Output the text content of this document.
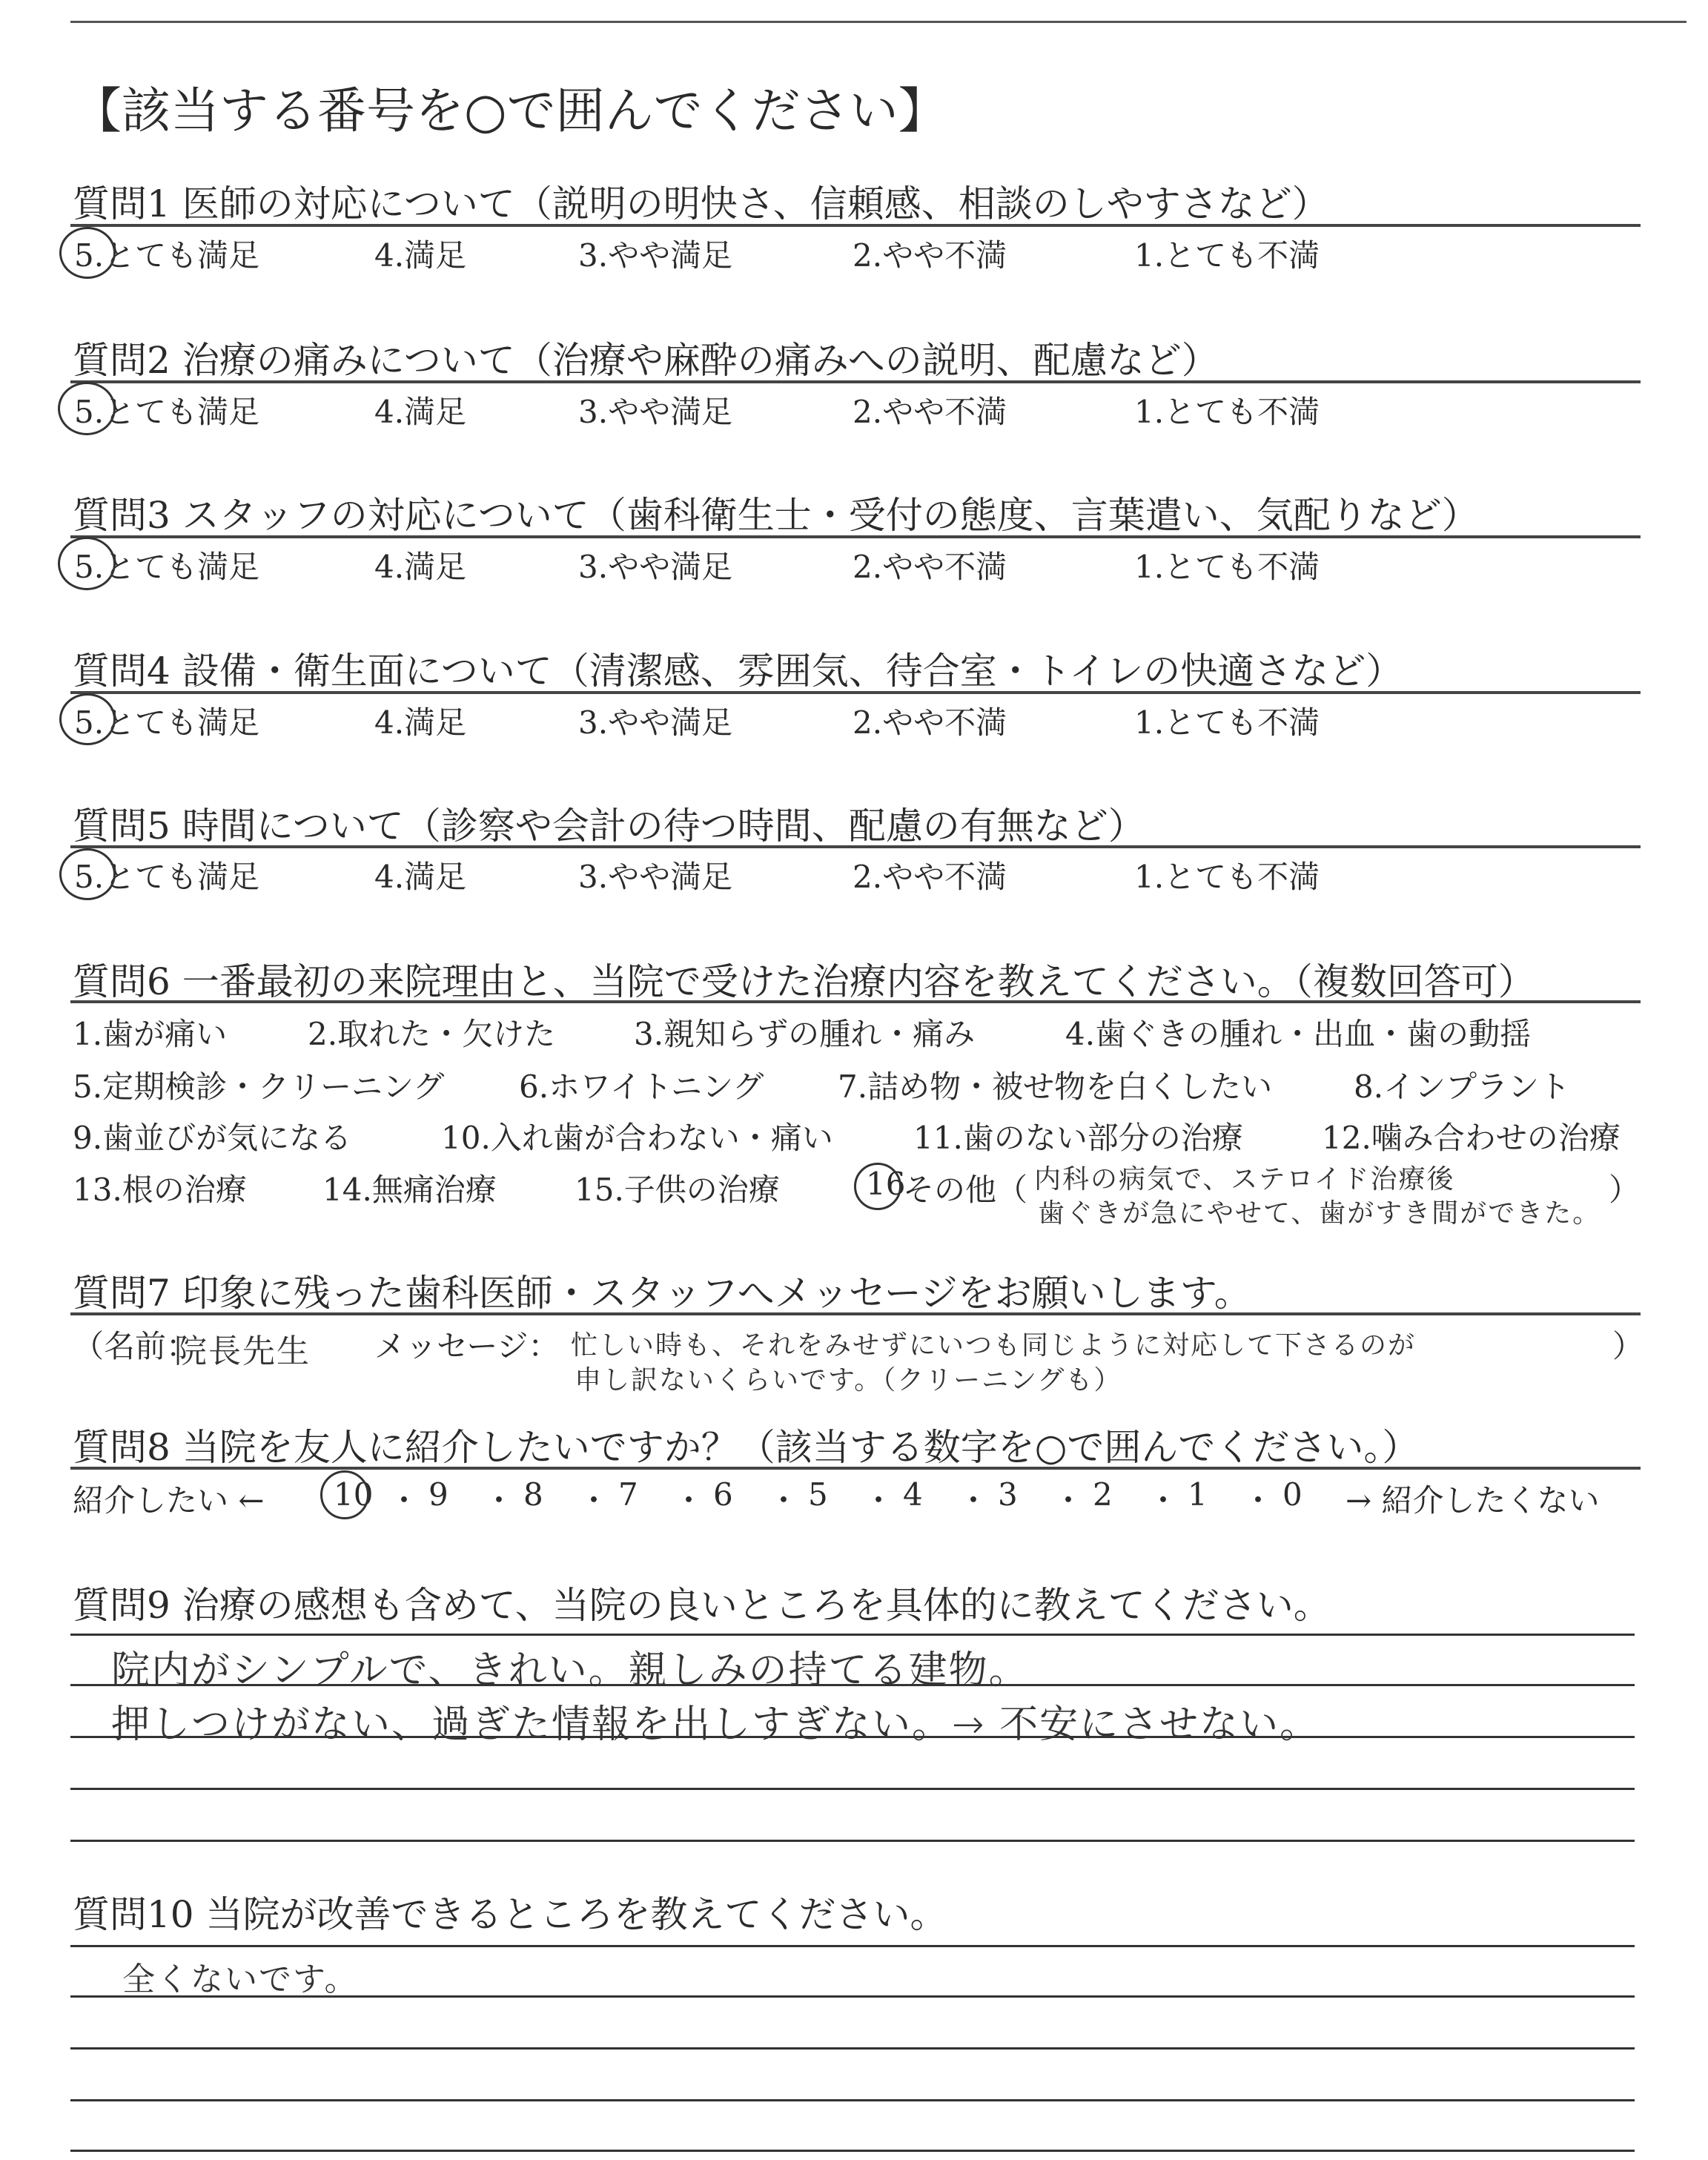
【該当する番号を○で囲んでください】
質問1 医師の対応について（説明の明快さ、信頼感、相談のしやすさなど）
5.とても満足	4.満足	3.やや満足	2.やや不満	1.とても不満
質問2 治療の痛みについて（治療や麻酔の痛みへの説明、配慮など）
5.とても満足	4.満足	3.やや満足	2.やや不満	1.とても不満
質問3 スタッフの対応について（歯科衛生士・受付の態度、言葉遣い、気配りなど）
5.とても満足	4.満足	3.やや満足	2.やや不満	1.とても不満
質問4 設備・衛生面について（清潔感、雰囲気、待合室・トイレの快適さなど）
5.とても満足	4.満足	3.やや満足	2.やや不満	1.とても不満
質問5 時間について（診察や会計の待つ時間、配慮の有無など）
5.とても満足	4.満足	3.やや満足	2.やや不満	1.とても不満
質問6 一番最初の来院理由と、当院で受けた治療内容を教えてください。（複数回答可）
1.歯が痛い	2.取れた・欠けた	3.親知らずの腫れ・痛み	4.歯ぐきの腫れ・出血・歯の動揺
5.定期検診・クリーニング 6.ホワイトニング 7.詰め物・被せ物を白くしたい	8.インプラント
9.歯並びが気になる	10.入れ歯が合わない・痛い	11.歯のない部分の治療	12.噛み合わせの治療
13.根の治療 14.無痛治療	15.子供の治療	16
その他（ 内科の病気で、ステロイド治療後
歯ぐきが急にやせて、歯がすき間ができた。
）
質問7 印象に残った歯科医師・スタッフへメッセージをお願いします。
（名前：
院長先生 メッセージ： 忙しい時も、それをみせずにいつも同じように対応して下さるのが
申し訳ないくらいです。（クリーニングも）
）
質問8 当院を友人に紹介したいですか？（該当する数字を○で囲んでください。）
紹介したい ← 10 ・ 9 ・ 8 ・ 7 ・ 6 ・ 5 ・ 4 ・ 3 ・ 2 ・ 1 ・ 0 → 紹介したくない
質問9 治療の感想も含めて、当院の良いところを具体的に教えてください。
院内がシンプルで、きれい。親しみの持てる建物。
押しつけがない、過ぎた情報を出しすぎない。→ 不安にさせない。
質問10 当院が改善できるところを教えてください。
全くないです。
